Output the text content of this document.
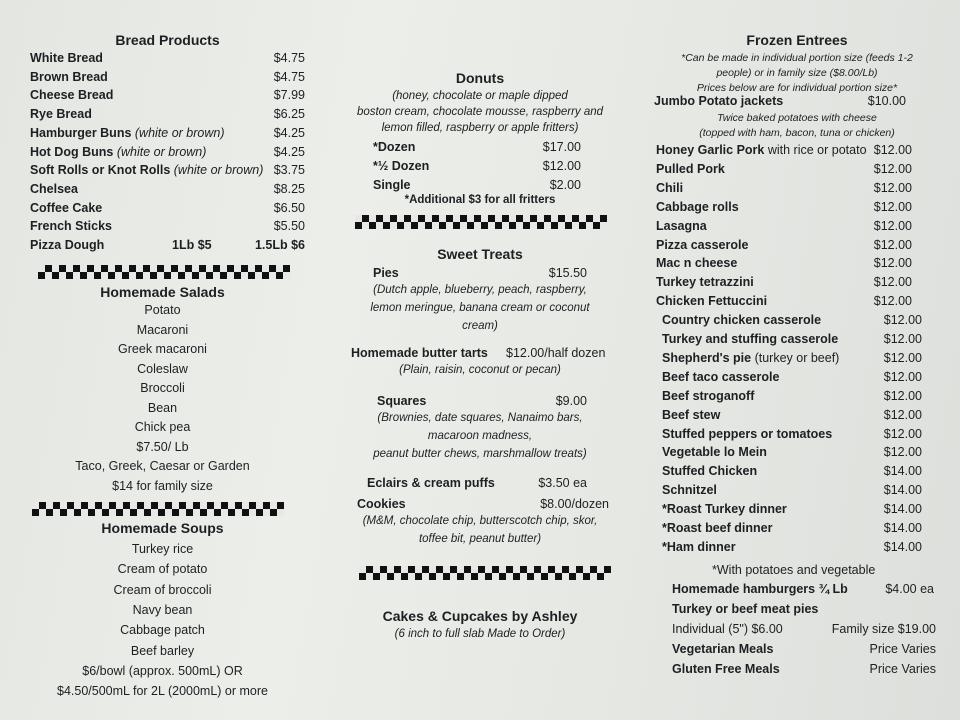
Bread Products
White Bread	$4.75
Brown Bread	$4.75
Cheese Bread	$7.99
Rye Bread	$6.25
Hamburger Buns (white or brown)	$4.25
Hot Dog Buns (white or brown)	$4.25
Soft Rolls or Knot Rolls (white or brown) $3.75
Chelsea	$8.25
Coffee Cake	$6.50
French Sticks	$5.50
Pizza Dough	1Lb $5	1.5Lb $6
Homemade Salads
Potato
Macaroni
Greek macaroni
Coleslaw
Broccoli
Bean
Chick pea
$7.50/ Lb
Taco, Greek, Caesar or Garden
$14 for family size
Homemade Soups
Turkey rice
Cream of potato
Cream of broccoli
Navy bean
Cabbage patch
Beef barley
$6/bowl (approx. 500mL) OR
$4.50/500mL for 2L (2000mL) or more
Donuts
(honey, chocolate or maple dipped
boston cream, chocolate mousse, raspberry and
lemon filled, raspberry or apple fritters)
*Dozen	$17.00
*½ Dozen	$12.00
Single	$2.00
*Additional $3 for all fritters
Sweet Treats
Pies	$15.50
(Dutch apple, blueberry, peach, raspberry,
lemon meringue, banana cream or coconut
cream)
Homemade butter tarts $12.00/half dozen
(Plain, raisin, coconut or pecan)
Squares	$9.00
(Brownies, date squares, Nanaimo bars,
macaroon madness,
peanut butter chews, marshmallow treats)
Eclairs & cream puffs	$3.50 ea
Cookies	$8.00/dozen
(M&M, chocolate chip, butterscotch chip, skor,
toffee bit, peanut butter)
Cakes & Cupcakes by Ashley
(6 inch to full slab Made to Order)
Frozen Entrees
*Can be made in individual portion size (feeds 1-2
people) or in family size ($8.00/Lb)
Prices below are for individual portion size*
Jumbo Potato jackets	$10.00
Twice baked potatoes with cheese
(topped with ham, bacon, tuna or chicken)
Honey Garlic Pork with rice or potato $12.00
Pulled Pork	$12.00
Chili	$12.00
Cabbage rolls	$12.00
Lasagna	$12.00
Pizza casserole	$12.00
Mac n cheese	$12.00
Turkey tetrazzini	$12.00
Chicken Fettuccini	$12.00
Country chicken casserole	$12.00
Turkey and stuffing casserole	$12.00
Shepherd's pie (turkey or beef)	$12.00
Beef taco casserole	$12.00
Beef stroganoff	$12.00
Beef stew	$12.00
Stuffed peppers or tomatoes	$12.00
Vegetable lo Mein	$12.00
Stuffed Chicken	$14.00
Schnitzel	$14.00
*Roast Turkey dinner	$14.00
*Roast beef dinner	$14.00
*Ham dinner	$14.00
*With potatoes and vegetable
Homemade hamburgers ¾ Lb	$4.00 ea
Turkey or beef meat pies
Individual (5") $6.00	Family size $19.00
Vegetarian Meals	Price Varies
Gluten Free Meals	Price Varies
